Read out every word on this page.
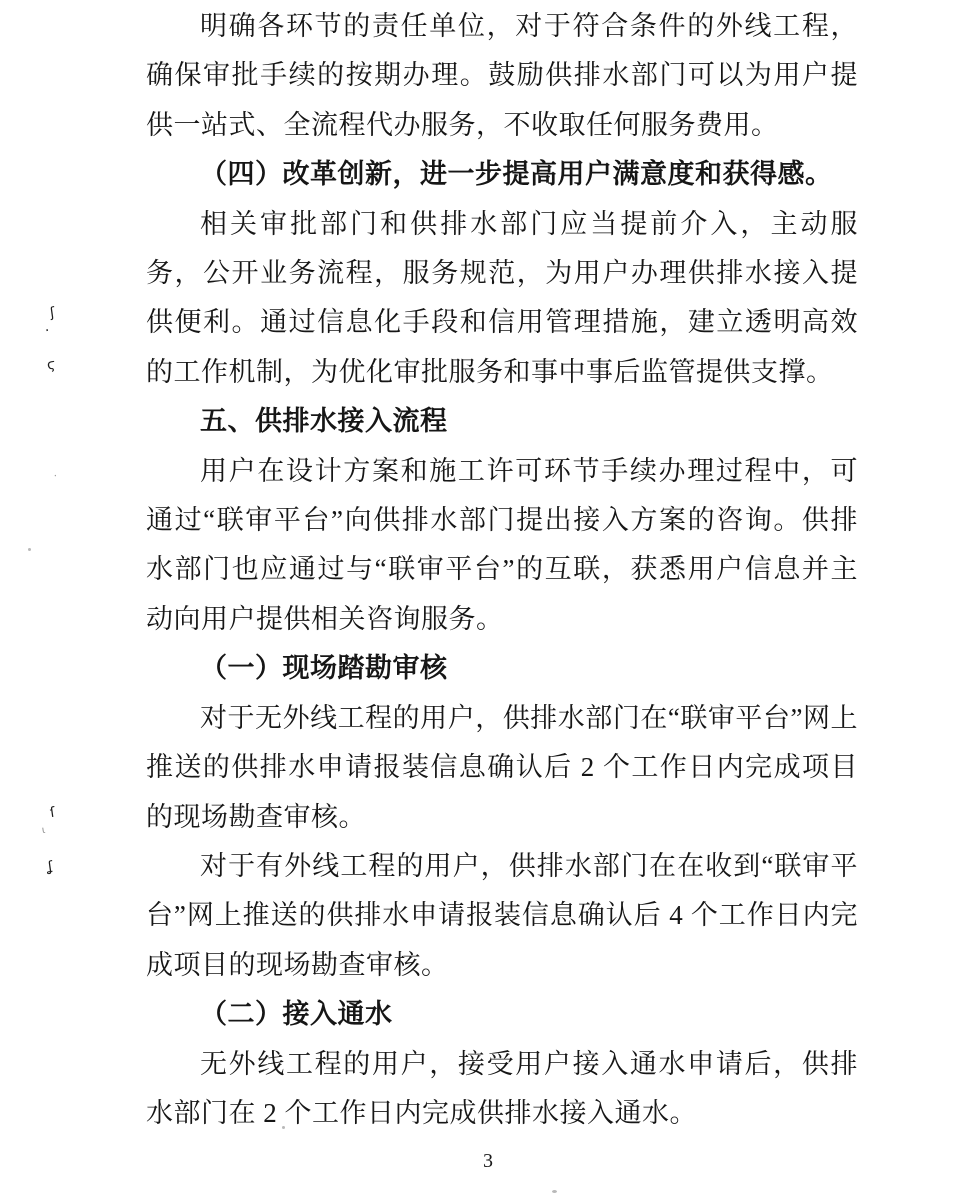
ʃ
·
ϛ
·
ſ
ι
ʆ

明确各环节的责任单位，对于符合条件的外线工程，确保审批手续的按期办理。鼓励供排水部门可以为用户提供一站式、全流程代办服务，不收取任何服务费用。

（四）改革创新，进一步提高用户满意度和获得感。

相关审批部门和供排水部门应当提前介入，主动服务，公开业务流程，服务规范，为用户办理供排水接入提供便利。通过信息化手段和信用管理措施，建立透明高效的工作机制，为优化审批服务和事中事后监管提供支撑。

五、供排水接入流程

用户在设计方案和施工许可环节手续办理过程中，可通过“联审平台”向供排水部门提出接入方案的咨询。供排水部门也应通过与“联审平台”的互联，获悉用户信息并主动向用户提供相关咨询服务。

（一）现场踏勘审核

对于无外线工程的用户，供排水部门在“联审平台”网上推送的供排水申请报装信息确认后 2 个工作日内完成项目的现场勘查审核。

对于有外线工程的用户，供排水部门在在收到“联审平台”网上推送的供排水申请报装信息确认后 4 个工作日内完成项目的现场勘查审核。

（二）接入通水

无外线工程的用户，接受用户接入通水申请后，供排水部门在 2 个工作日内完成供排水接入通水。

3
